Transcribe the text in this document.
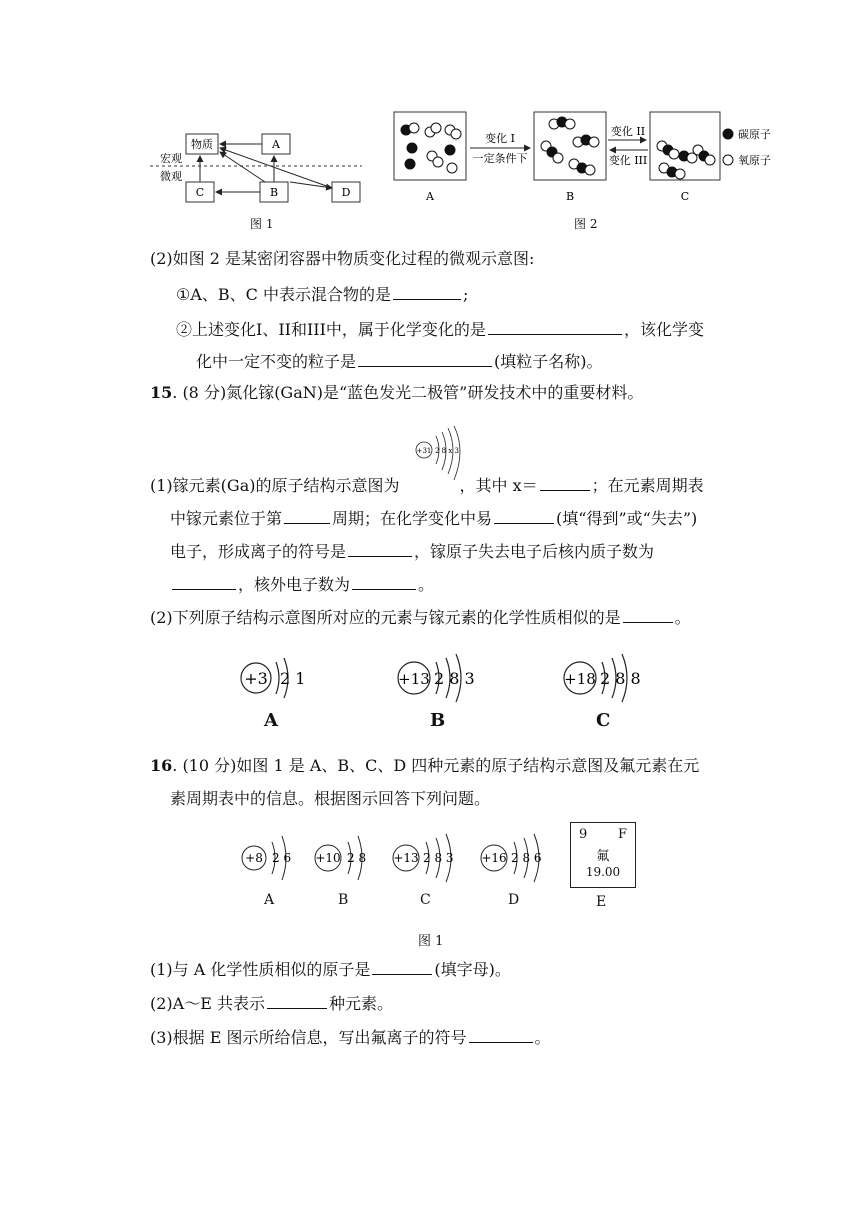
物质	A
C	B	D
宏观
微观
图 1
变化 I
一定条件下
变化 II
变化 III
碳原子
氧原子
A	B	C
图 2
(2)如图 2 是某密闭容器中物质变化过程的微观示意图:
①A、B、C 中表示混合物的是	;
②上述变化I、II和III中，属于化学变化的是	，该化学变
化中一定不变的粒子是	(填粒子名称)。
15. (8 分)氮化镓(GaN)是“蓝色发光二极管”研发技术中的重要材料。
+31 2 8 x 3
(1)镓元素(Ga)的原子结构示意图为	，其中 x＝	；在元素周期表
中镓元素位于第	周期；在化学变化中易	(填“得到”或“失去”)
电子，形成离子的符号是	，镓原子失去电子后核内质子数为
，核外电子数为	。
(2)下列原子结构示意图所对应的元素与镓元素的化学性质相似的是	。
+3 2 1
A
+13 2 8 3
B
+18 2 8 8
C
16. (10 分)如图 1 是 A、B、C、D 四种元素的原子结构示意图及氟元素在元
素周期表中的信息。根据图示回答下列问题。
+8 2 6
A
+10 2 8
B
+13 2 8 3
C
+16 2 8 6
D
9 F
氟
19.00
E
图 1
(1)与 A 化学性质相似的原子是	(填字母)。
(2)A～E 共表示	种元素。
(3)根据 E 图示所给信息，写出氟离子的符号	。
